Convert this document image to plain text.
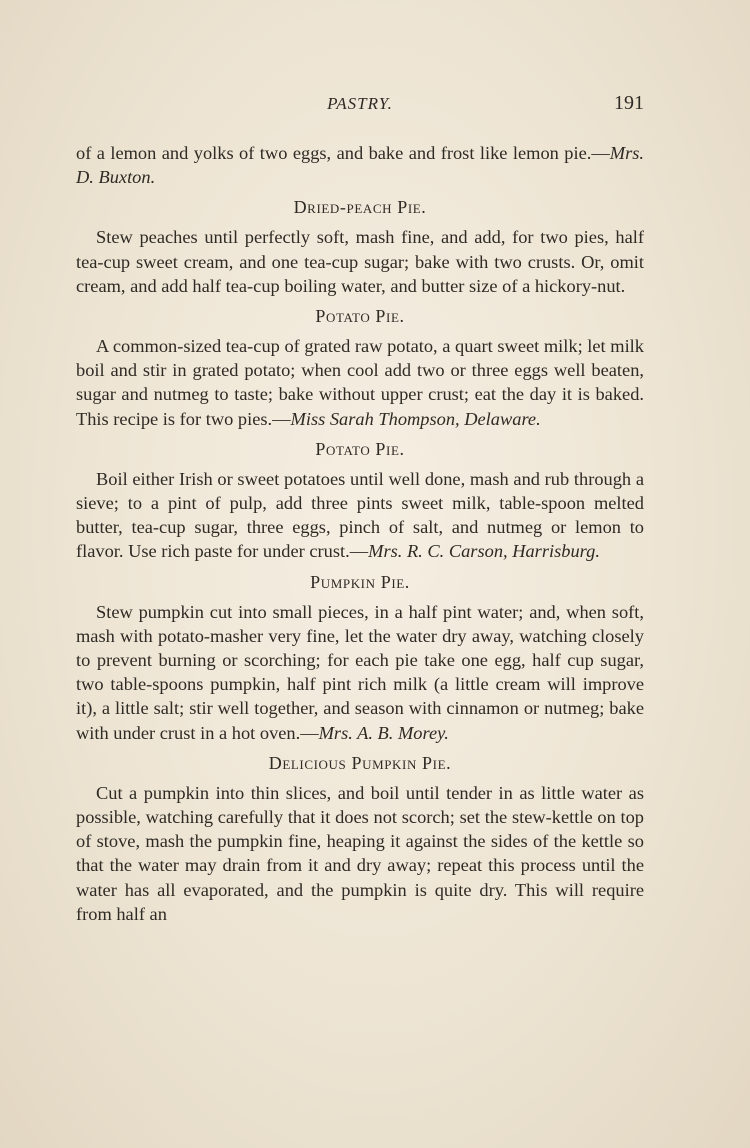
PASTRY.	191

of a lemon and yolks of two eggs, and bake and frost like lemon pie.—Mrs. D. Buxton.

Dried-peach Pie.

Stew peaches until perfectly soft, mash fine, and add, for two pies, half tea-cup sweet cream, and one tea-cup sugar; bake with two crusts. Or, omit cream, and add half tea-cup boiling water, and butter size of a hickory-nut.

Potato Pie.

A common-sized tea-cup of grated raw potato, a quart sweet milk; let milk boil and stir in grated potato; when cool add two or three eggs well beaten, sugar and nutmeg to taste; bake without upper crust; eat the day it is baked. This recipe is for two pies.—Miss Sarah Thompson, Delaware.

Potato Pie.

Boil either Irish or sweet potatoes until well done, mash and rub through a sieve; to a pint of pulp, add three pints sweet milk, table-spoon melted butter, tea-cup sugar, three eggs, pinch of salt, and nutmeg or lemon to flavor. Use rich paste for under crust.—Mrs. R. C. Carson, Harrisburg.

Pumpkin Pie.

Stew pumpkin cut into small pieces, in a half pint water; and, when soft, mash with potato-masher very fine, let the water dry away, watching closely to prevent burning or scorching; for each pie take one egg, half cup sugar, two table-spoons pumpkin, half pint rich milk (a little cream will improve it), a little salt; stir well together, and season with cinnamon or nutmeg; bake with under crust in a hot oven.—Mrs. A. B. Morey.

Delicious Pumpkin Pie.

Cut a pumpkin into thin slices, and boil until tender in as little water as possible, watching carefully that it does not scorch; set the stew-kettle on top of stove, mash the pumpkin fine, heaping it against the sides of the kettle so that the water may drain from it and dry away; repeat this process until the water has all evaporated, and the pumpkin is quite dry. This will require from half an
